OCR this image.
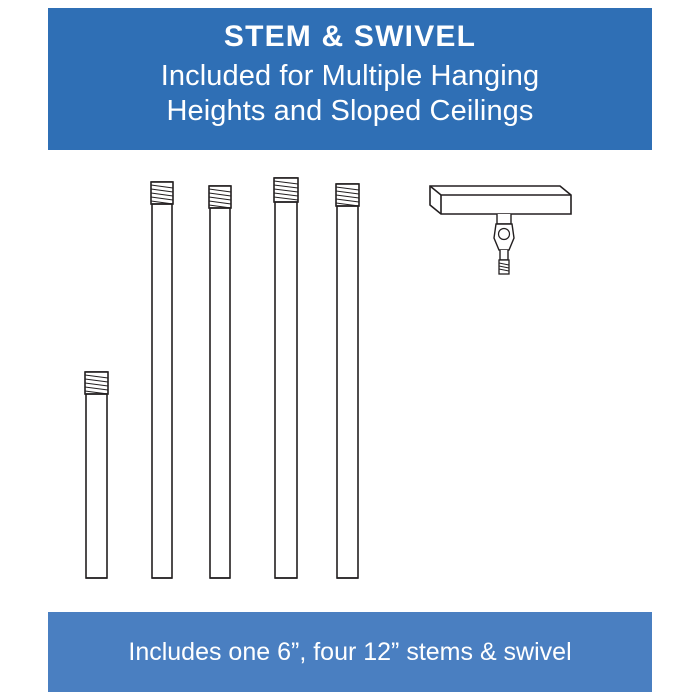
STEM & SWIVEL
Included for Multiple Hanging
Heights and Sloped Ceilings
Includes one 6”, four 12” stems & swivel
